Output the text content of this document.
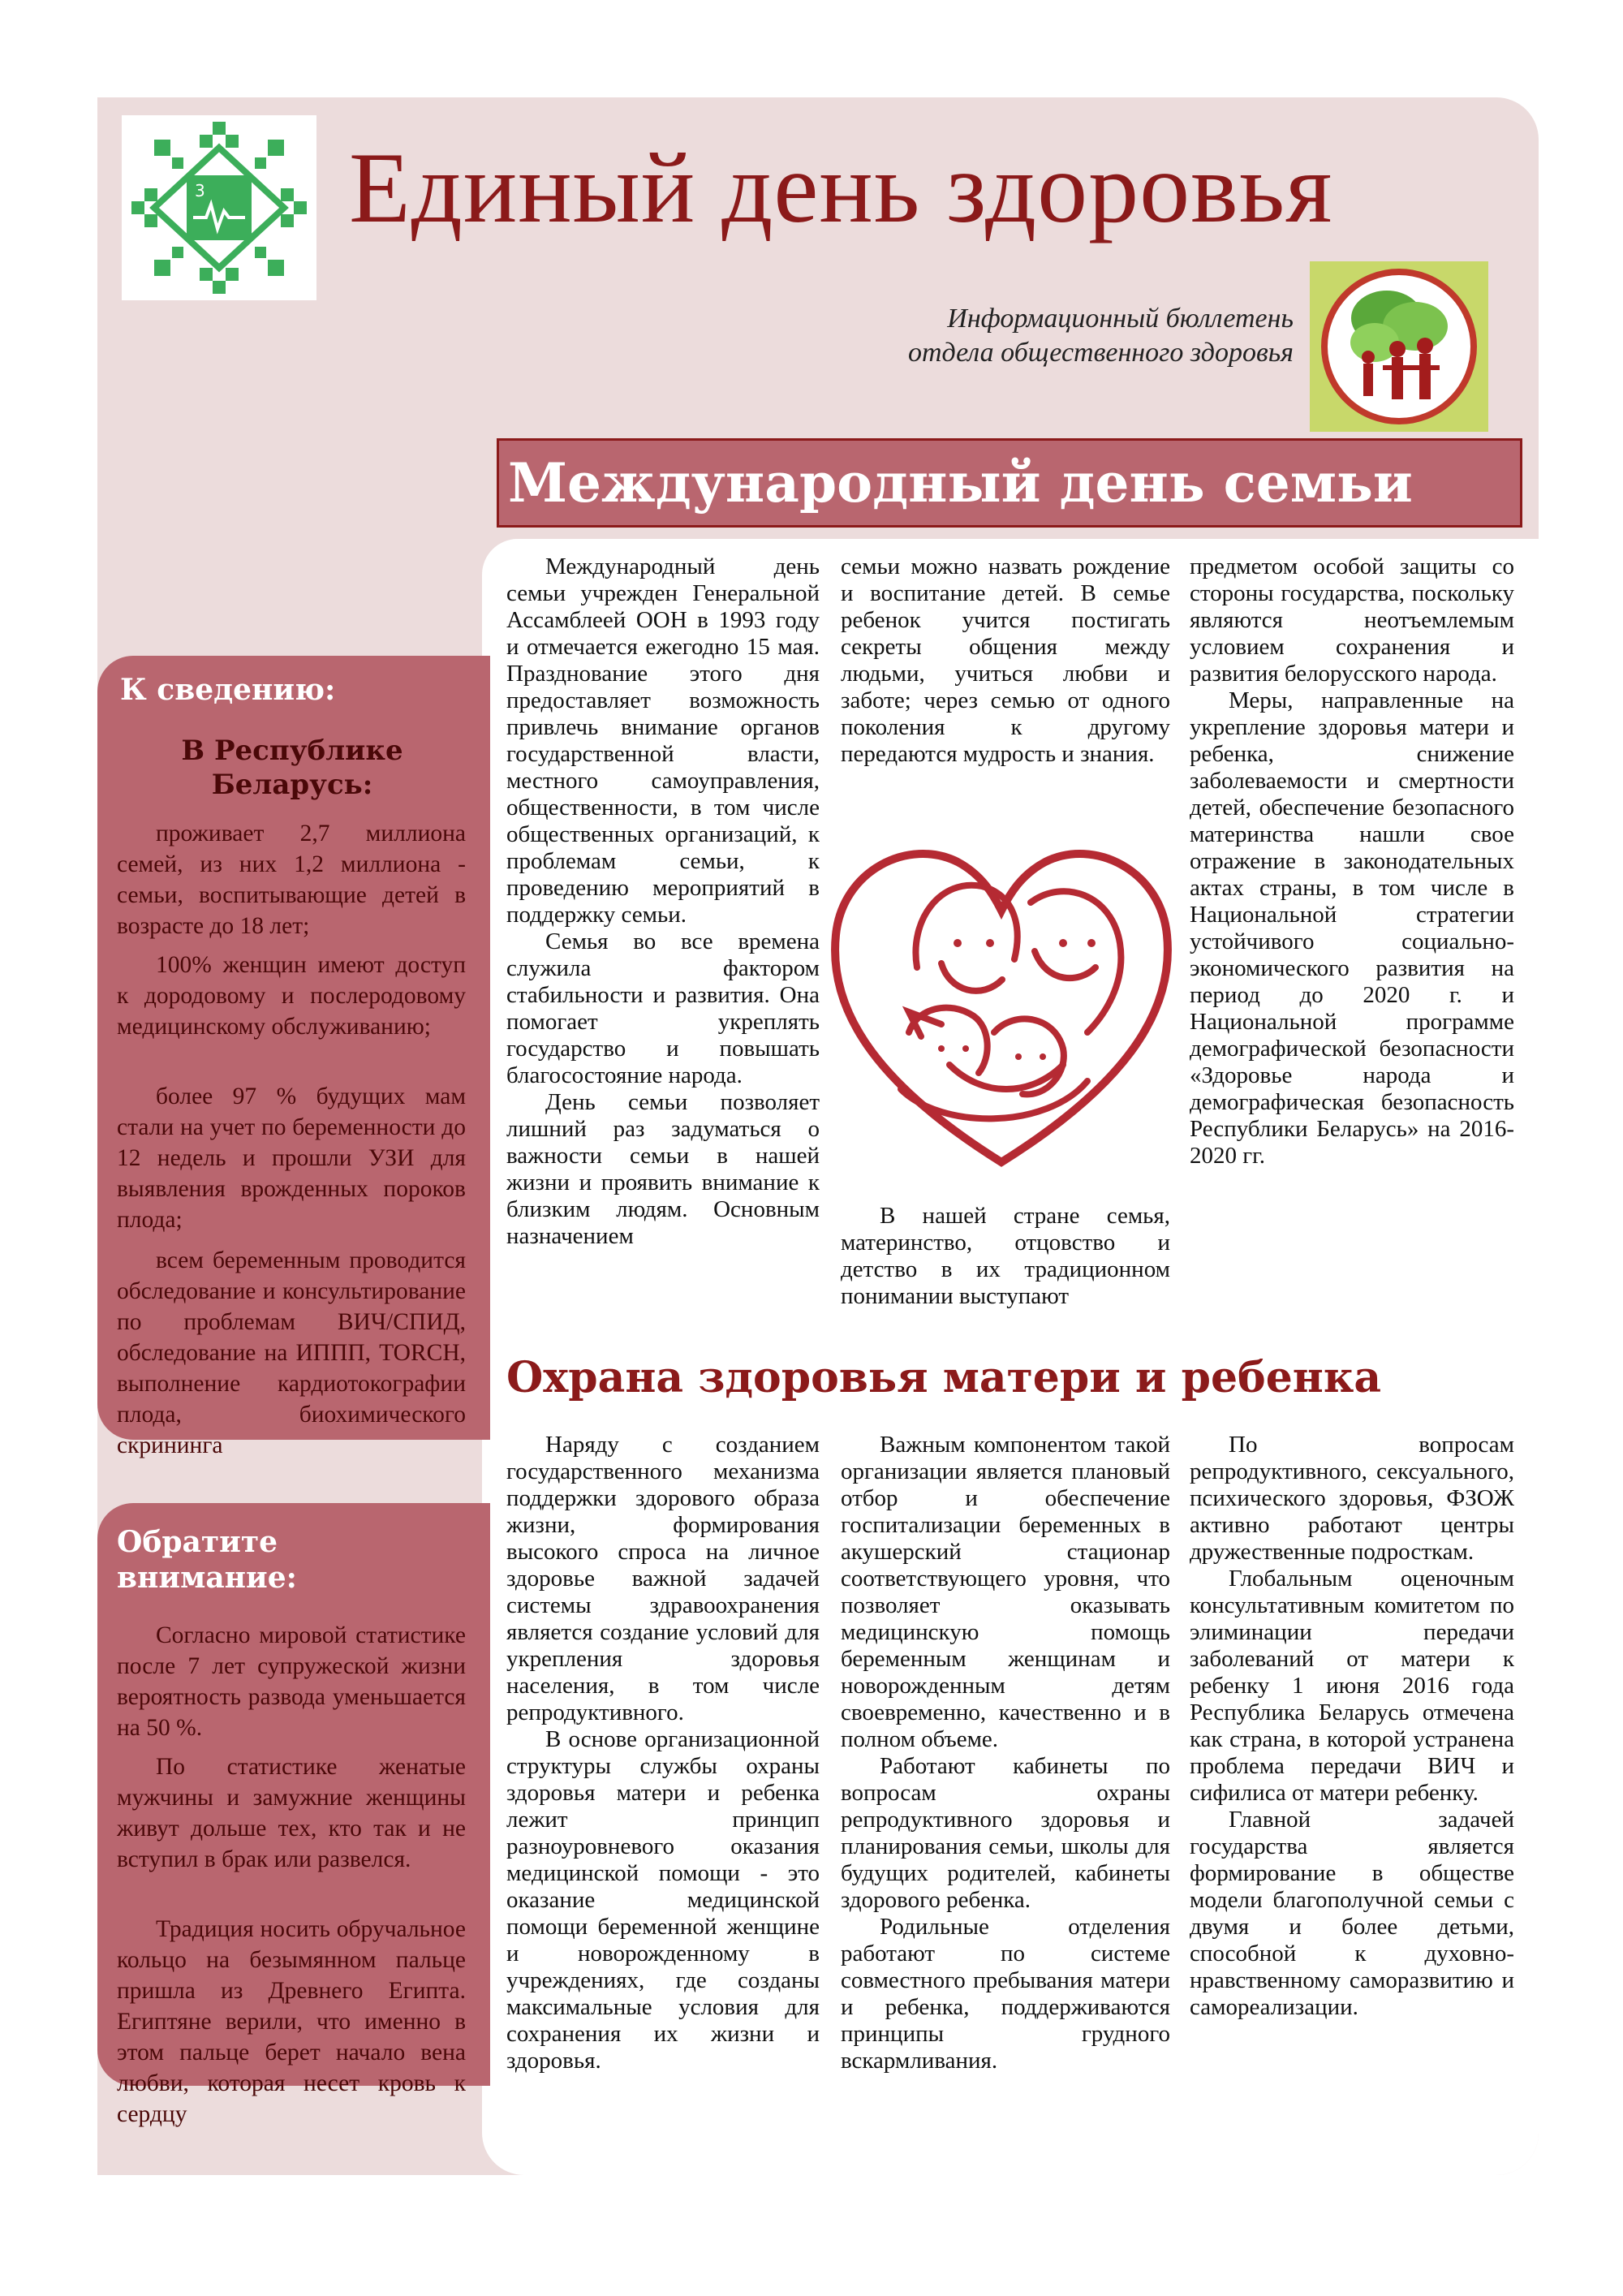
3 Единый день здоровья
Информационный бюллетень
отдела общественного здоровья
Международный день семьи
К сведению:
В Республике Беларусь:
проживает 2,7 миллиона семей, из них 1,2 миллиона - семьи, воспитывающие детей в возрасте до 18 лет;
100% женщин имеют доступ к дородовому и послеродовому медицинскому обслуживанию;
более 97 % будущих мам стали на учет по беременности до 12 недель и прошли УЗИ для выявления врожденных пороков плода;
всем беременным проводится обследование и консультирование по проблемам ВИЧ/СПИД, обследование на ИППП, TORCH, выполнение кардиотокографии плода, биохимического скрининга
Обратите
внимание:
Согласно мировой статистике после 7 лет супружеской жизни вероятность развода уменьшается на 50 %.
По статистике женатые мужчины и замужние женщины живут дольше тех, кто так и не вступил в брак или развелся.
Традиция носить обручальное кольцо на безымянном пальце пришла из Древнего Египта. Египтяне верили, что именно в этом пальце берет начало вена любви, которая несет кровь к сердцу

Международный день семьи учрежден Генеральной Ассамблеей ООН в 1993 году и отмечается ежегодно 15 мая. Празднование этого дня предоставляет возможность привлечь внимание органов государственной власти, местного самоуправления, общественности, в том числе общественных организаций, к проблемам семьи, к проведению мероприятий в поддержку семьи.

Семья во все времена служила фактором стабильности и развития. Она помогает укреплять государство и повышать благосостояние народа.

День семьи позволяет лишний раз задуматься о важности семьи в нашей жизни и проявить внимание к близким людям. Основным назначением

семьи можно назвать рождение и воспитание детей. В семье ребенок учится постигать секреты общения между людьми, учиться любви и заботе; через семью от одного поколения к другому передаются мудрость и знания.

В нашей стране семья, материнство, отцовство и детство в их традиционном понимании выступают

предметом особой защиты со стороны государства, поскольку являются неотъемлемым условием сохранения и развития белорусского народа.

Меры, направленные на укрепление здоровья матери и ребенка, снижение заболеваемости и смертности детей, обеспечение безопасного материнства нашли свое отражение в законодательных актах страны, в том числе в Национальной стратегии устойчивого социально-экономического развития на период до 2020 г. и Национальной программе демографической безопасности «Здоровье народа и демографическая безопасность Республики Беларусь» на 2016-2020 гг.

Охрана здоровья матери и ребенка

Наряду с созданием государственного механизма поддержки здорового образа жизни, формирования высокого спроса на личное здоровье важной задачей системы здравоохранения является создание условий для укрепления здоровья населения, в том числе репродуктивного.

В основе организационной структуры службы охраны здоровья матери и ребенка лежит принцип разноуровневого оказания медицинской помощи - это оказание медицинской помощи беременной женщине и новорожденному в учреждениях, где созданы максимальные условия для сохранения их жизни и здоровья.

Важным компонентом такой организации является плановый отбор и обеспечение госпитализации беременных в акушерский стационар соответствующего уровня, что позволяет оказывать медицинскую помощь беременным женщинам и новорожденным детям своевременно, качественно и в полном объеме.

Работают кабинеты по вопросам охраны репродуктивного здоровья и планирования семьи, школы для будущих родителей, кабинеты здорового ребенка.

Родильные отделения работают по системе совместного пребывания матери и ребенка, поддерживаются принципы грудного вскармливания.

По вопросам репродуктивного, сексуального, психического здоровья, ФЗОЖ активно работают центры дружественные подросткам.

Глобальным оценочным консультативным комитетом по элиминации передачи заболеваний от матери к ребенку 1 июня 2016 года Республика Беларусь отмечена как страна, в которой устранена проблема передачи ВИЧ и сифилиса от матери ребенку.

Главной задачей государства является формирование в обществе модели благополучной семьи с двумя и более детьми, способной к духовно-нравственному саморазвитию и самореализации.
